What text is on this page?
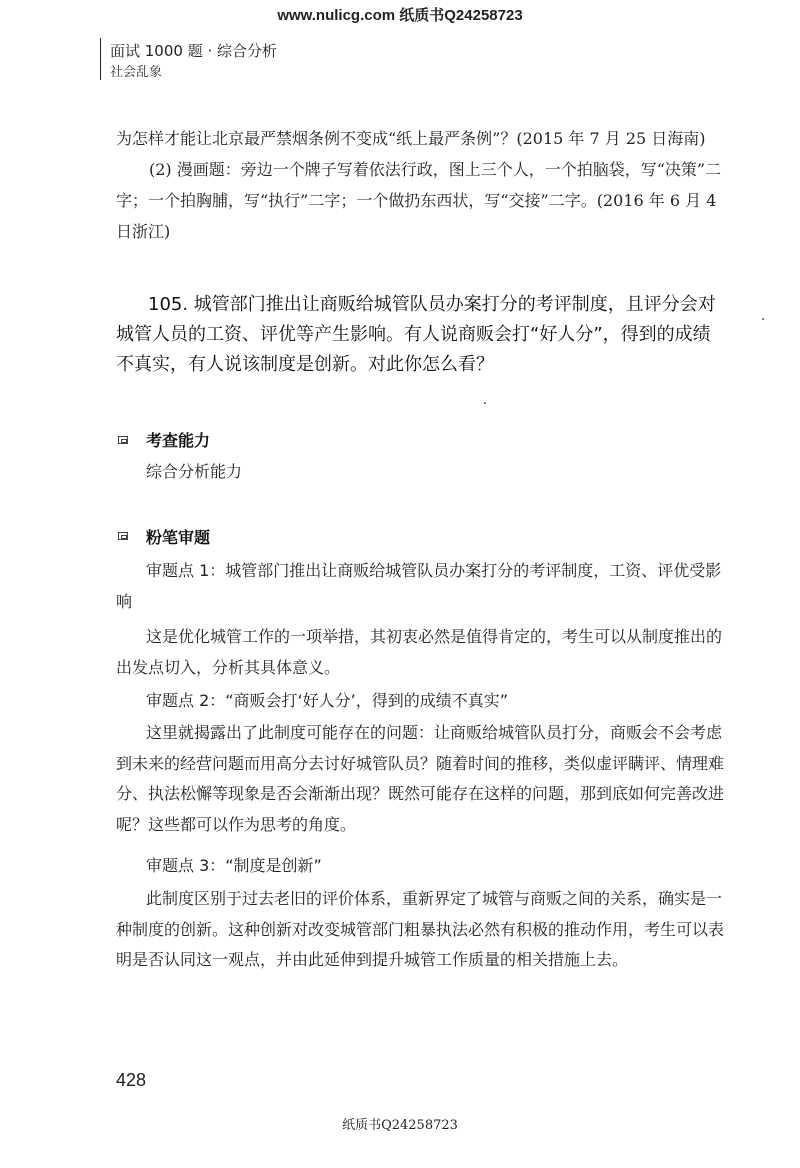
www.nulicg.com 纸质书Q24258723
面试 1000 题 · 综合分析
社会乱象
为怎样才能让北京最严禁烟条例不变成“纸上最严条例”？(2015 年 7 月 25 日海南)
(2) 漫画题：旁边一个牌子写着依法行政，图上三个人，一个拍脑袋，写“决策”二字；一个拍胸脯，写“执行”二字；一个做扔东西状，写“交接”二字。(2016 年 6 月 4 日浙江)
105. 城管部门推出让商贩给城管队员办案打分的考评制度，且评分会对城管人员的工资、评优等产生影响。有人说商贩会打“好人分”，得到的成绩不真实，有人说该制度是创新。对此你怎么看？
考查能力
综合分析能力
粉笔审题
审题点 1：城管部门推出让商贩给城管队员办案打分的考评制度，工资、评优受影响
这是优化城管工作的一项举措，其初衷必然是值得肯定的，考生可以从制度推出的出发点切入，分析其具体意义。
审题点 2：“商贩会打‘好人分’，得到的成绩不真实”
这里就揭露出了此制度可能存在的问题：让商贩给城管队员打分，商贩会不会考虑到未来的经营问题而用高分去讨好城管队员？随着时间的推移，类似虚评瞒评、情理难分、执法松懈等现象是否会渐渐出现？既然可能存在这样的问题，那到底如何完善改进呢？这些都可以作为思考的角度。
审题点 3：“制度是创新”
此制度区别于过去老旧的评价体系，重新界定了城管与商贩之间的关系，确实是一种制度的创新。这种创新对改变城管部门粗暴执法必然有积极的推动作用，考生可以表明是否认同这一观点，并由此延伸到提升城管工作质量的相关措施上去。
428
纸质书Q24258723
